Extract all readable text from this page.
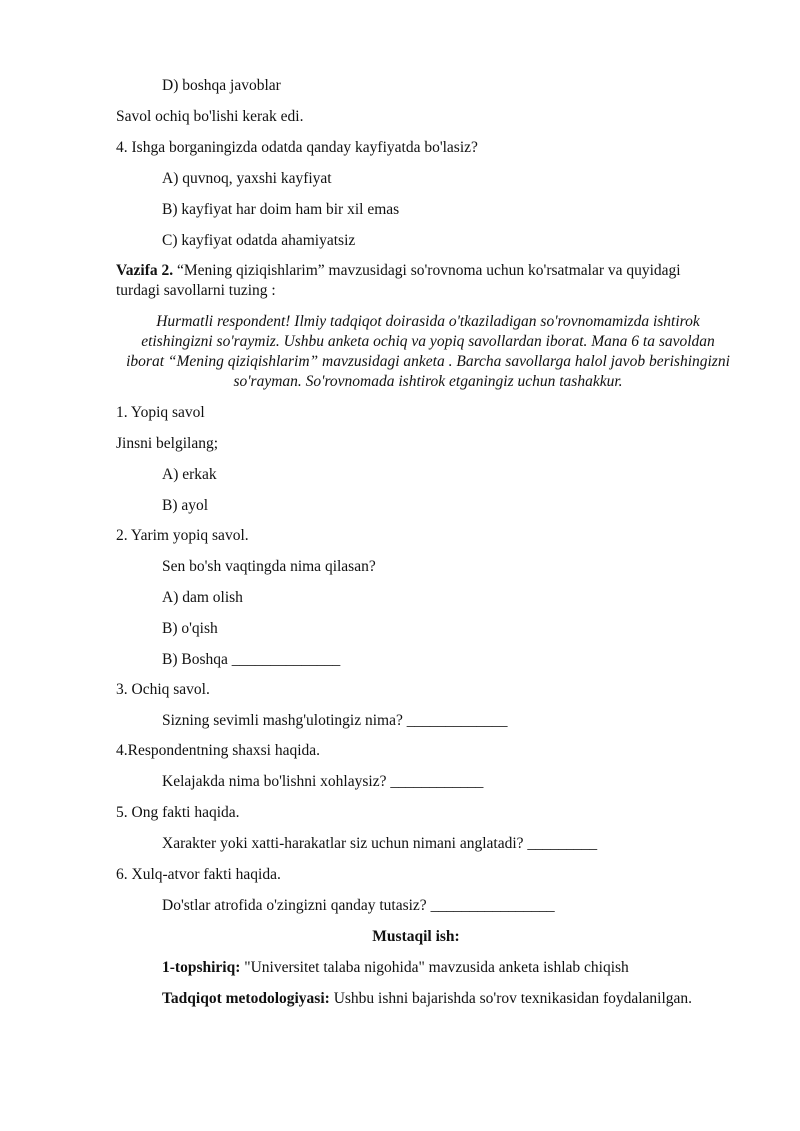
D) boshqa javoblar
Savol ochiq bo'lishi kerak edi.
4. Ishga borganingizda odatda qanday kayfiyatda bo'lasiz?
A) quvnoq, yaxshi kayfiyat
B) kayfiyat har doim ham bir xil emas
C) kayfiyat odatda ahamiyatsiz
Vazifa 2. “Mening qiziqishlarim” mavzusidagi so'rovnoma uchun ko'rsatmalar va quyidagi turdagi savollarni tuzing :
Hurmatli respondent! Ilmiy tadqiqot doirasida o'tkaziladigan so'rovnomamizda ishtirok etishingizni so'raymiz. Ushbu anketa ochiq va yopiq savollardan iborat. Mana 6 ta savoldan iborat “Mening qiziqishlarim” mavzusidagi anketa . Barcha savollarga halol javob berishingizni so'rayman. So'rovnomada ishtirok etganingiz uchun tashakkur.
1. Yopiq savol
Jinsni belgilang;
A) erkak
B) ayol
2. Yarim yopiq savol.
Sen bo'sh vaqtingda nima qilasan?
A) dam olish
B) o'qish
B) Boshqa ______________
3. Ochiq savol.
Sizning sevimli mashg'ulotingiz nima? _____________
4.Respondentning shaxsi haqida.
Kelajakda nima bo'lishni xohlaysiz? ____________
5. Ong fakti haqida.
Xarakter yoki xatti-harakatlar siz uchun nimani anglatadi? _________
6. Xulq-atvor fakti haqida.
Do'stlar atrofida o'zingizni qanday tutasiz? ________________
Mustaqil ish:
1-topshiriq: "Universitet talaba nigohida" mavzusida anketa ishlab chiqish
Tadqiqot metodologiyasi: Ushbu ishni bajarishda so'rov texnikasidan foydalanilgan.
